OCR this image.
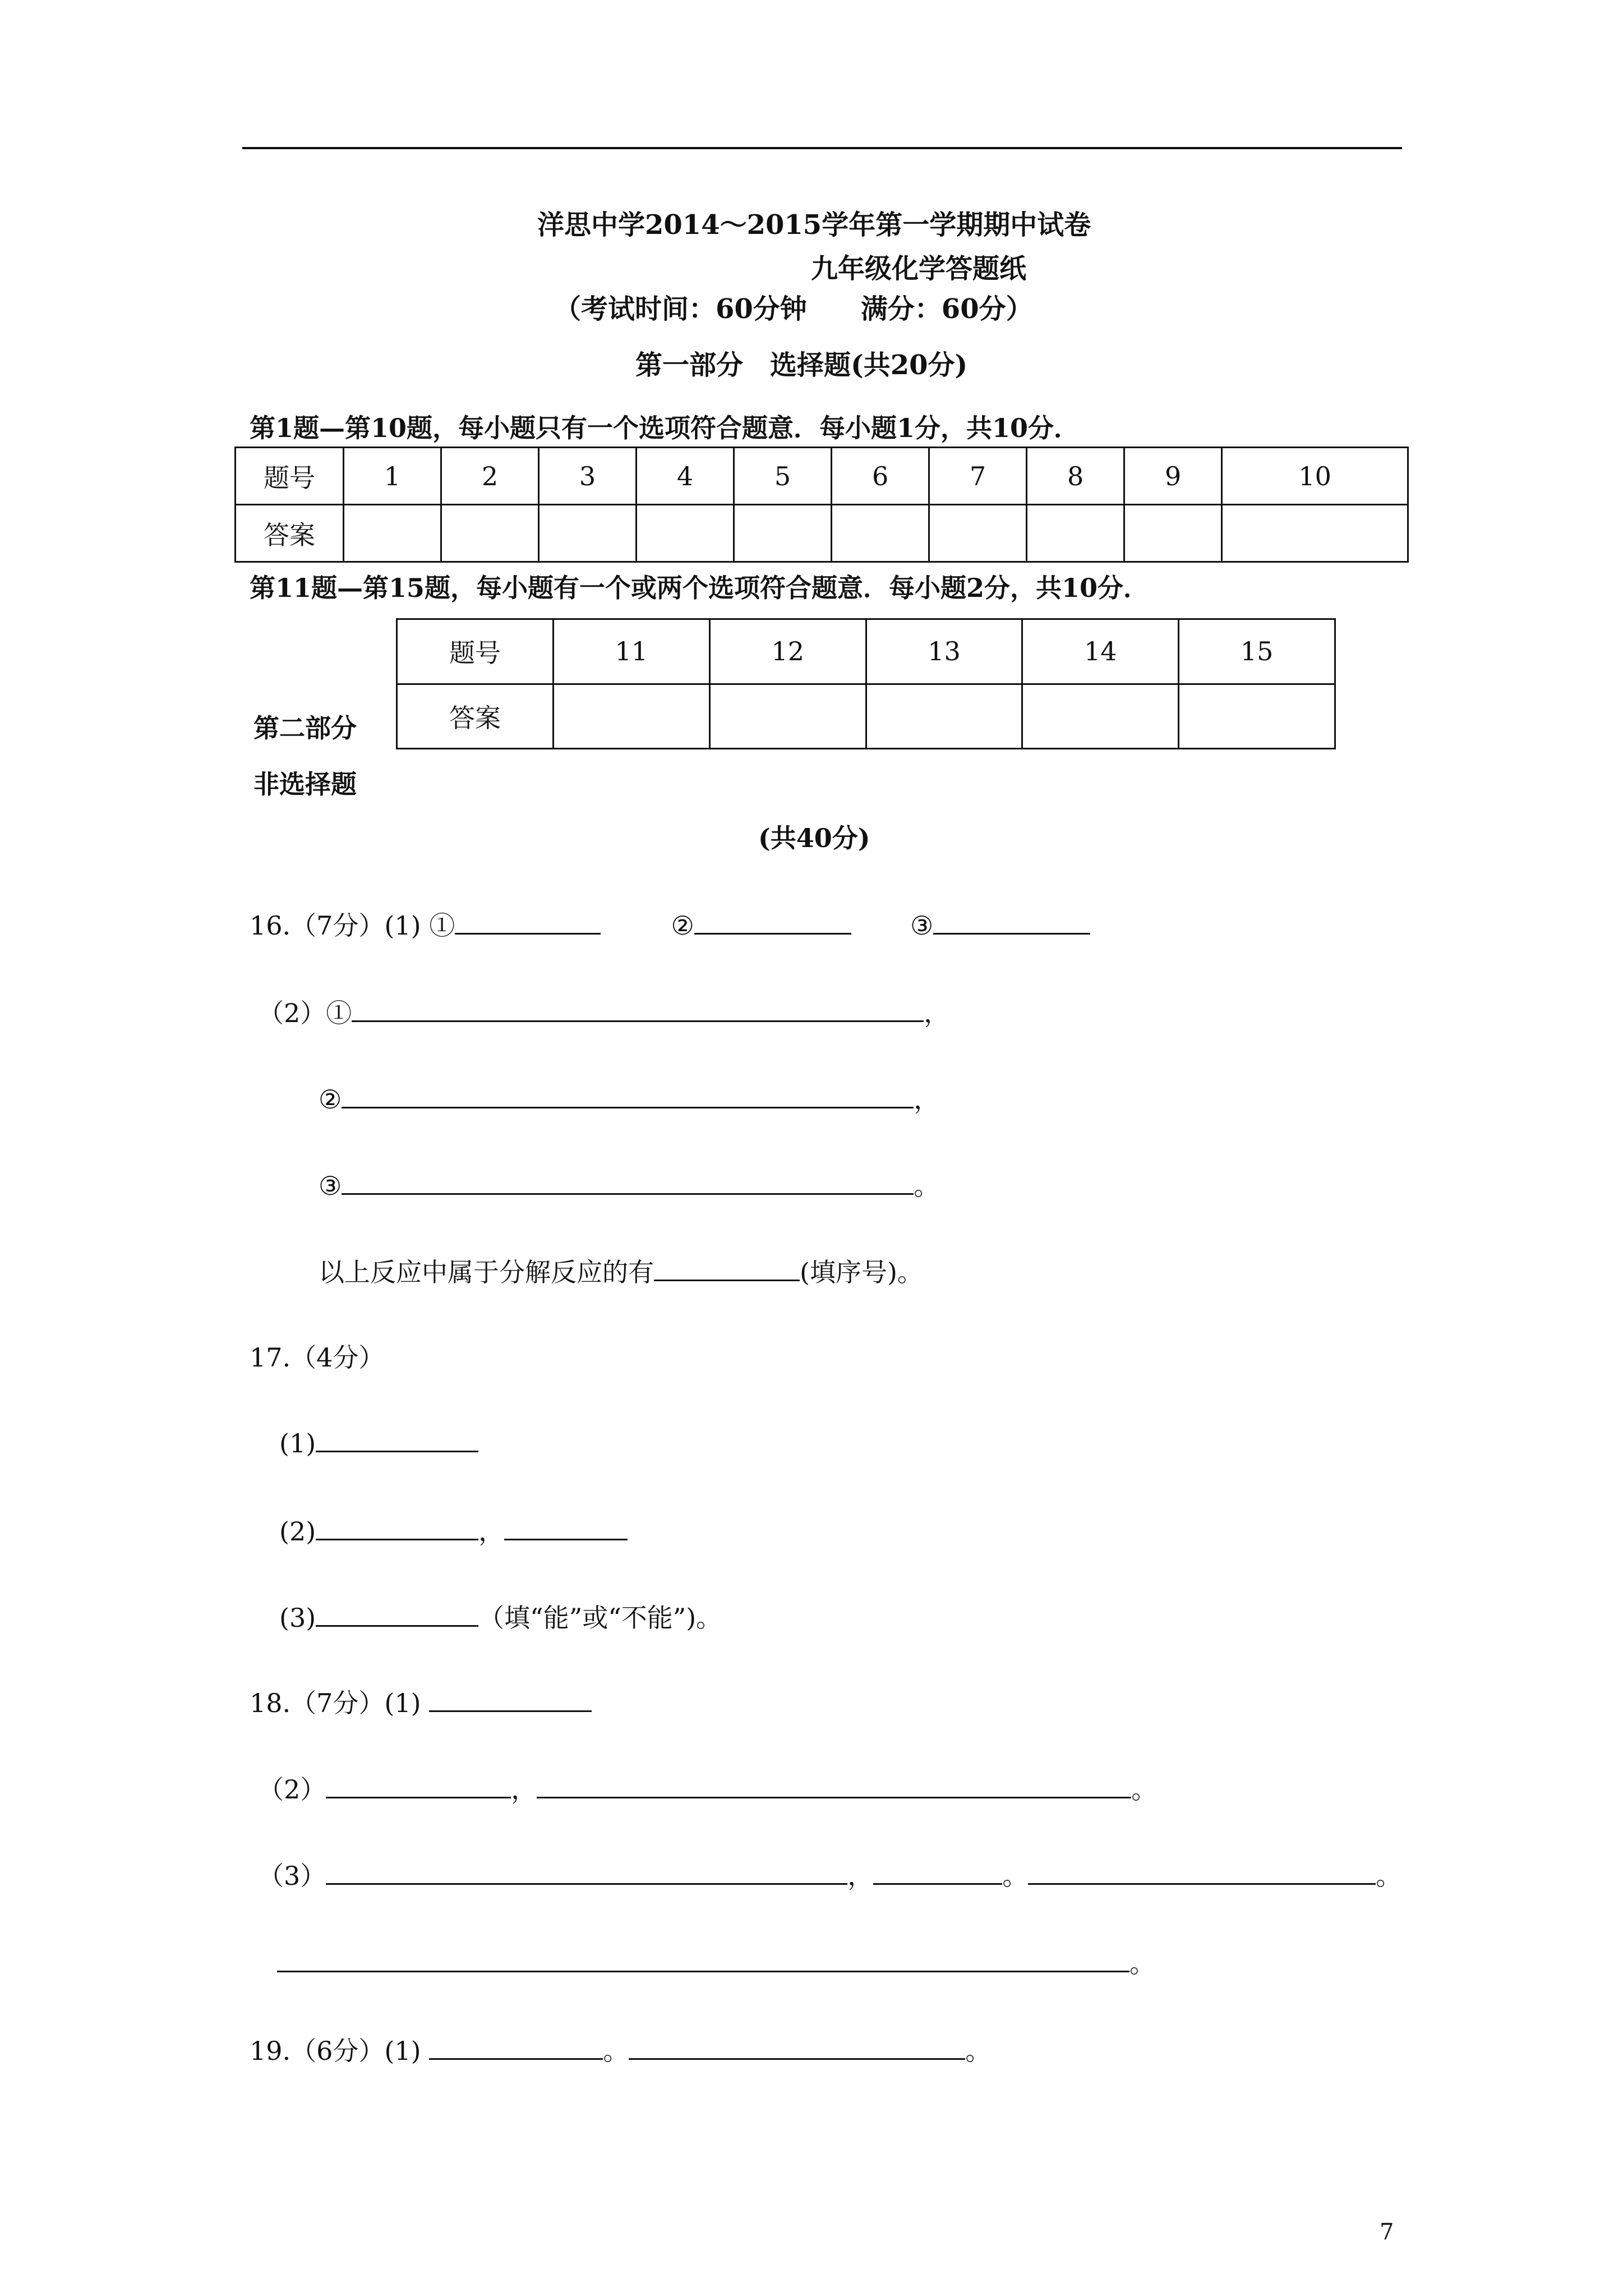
洋思中学2014～2015学年第一学期期中试卷
九年级化学答题纸
（考试时间：60分钟　　满分：60分）
第一部分　选择题(共20分)
第1题—第10题，每小题只有一个选项符合题意．每小题1分，共10分．
题号	1	2	3	4	5	6	7	8	9	10
答案										
第11题—第15题，每小题有一个或两个选项符合题意．每小题2分，共10分．
题号	11	12	13	14	15
答案					
第二部分
非选择题
(共40分)
16.（7分）(1) ①	②	③
（2）①	，
②	，
③	。
以上反应中属于分解反应的有	(填序号)。
17.（4分）
(1)
(2)	，
(3)	（填“能”或“不能”)。
18.（7分）(1)
（2）	，	。
（3）	，	。	。
。
19.（6分）(1)	。	。
7
